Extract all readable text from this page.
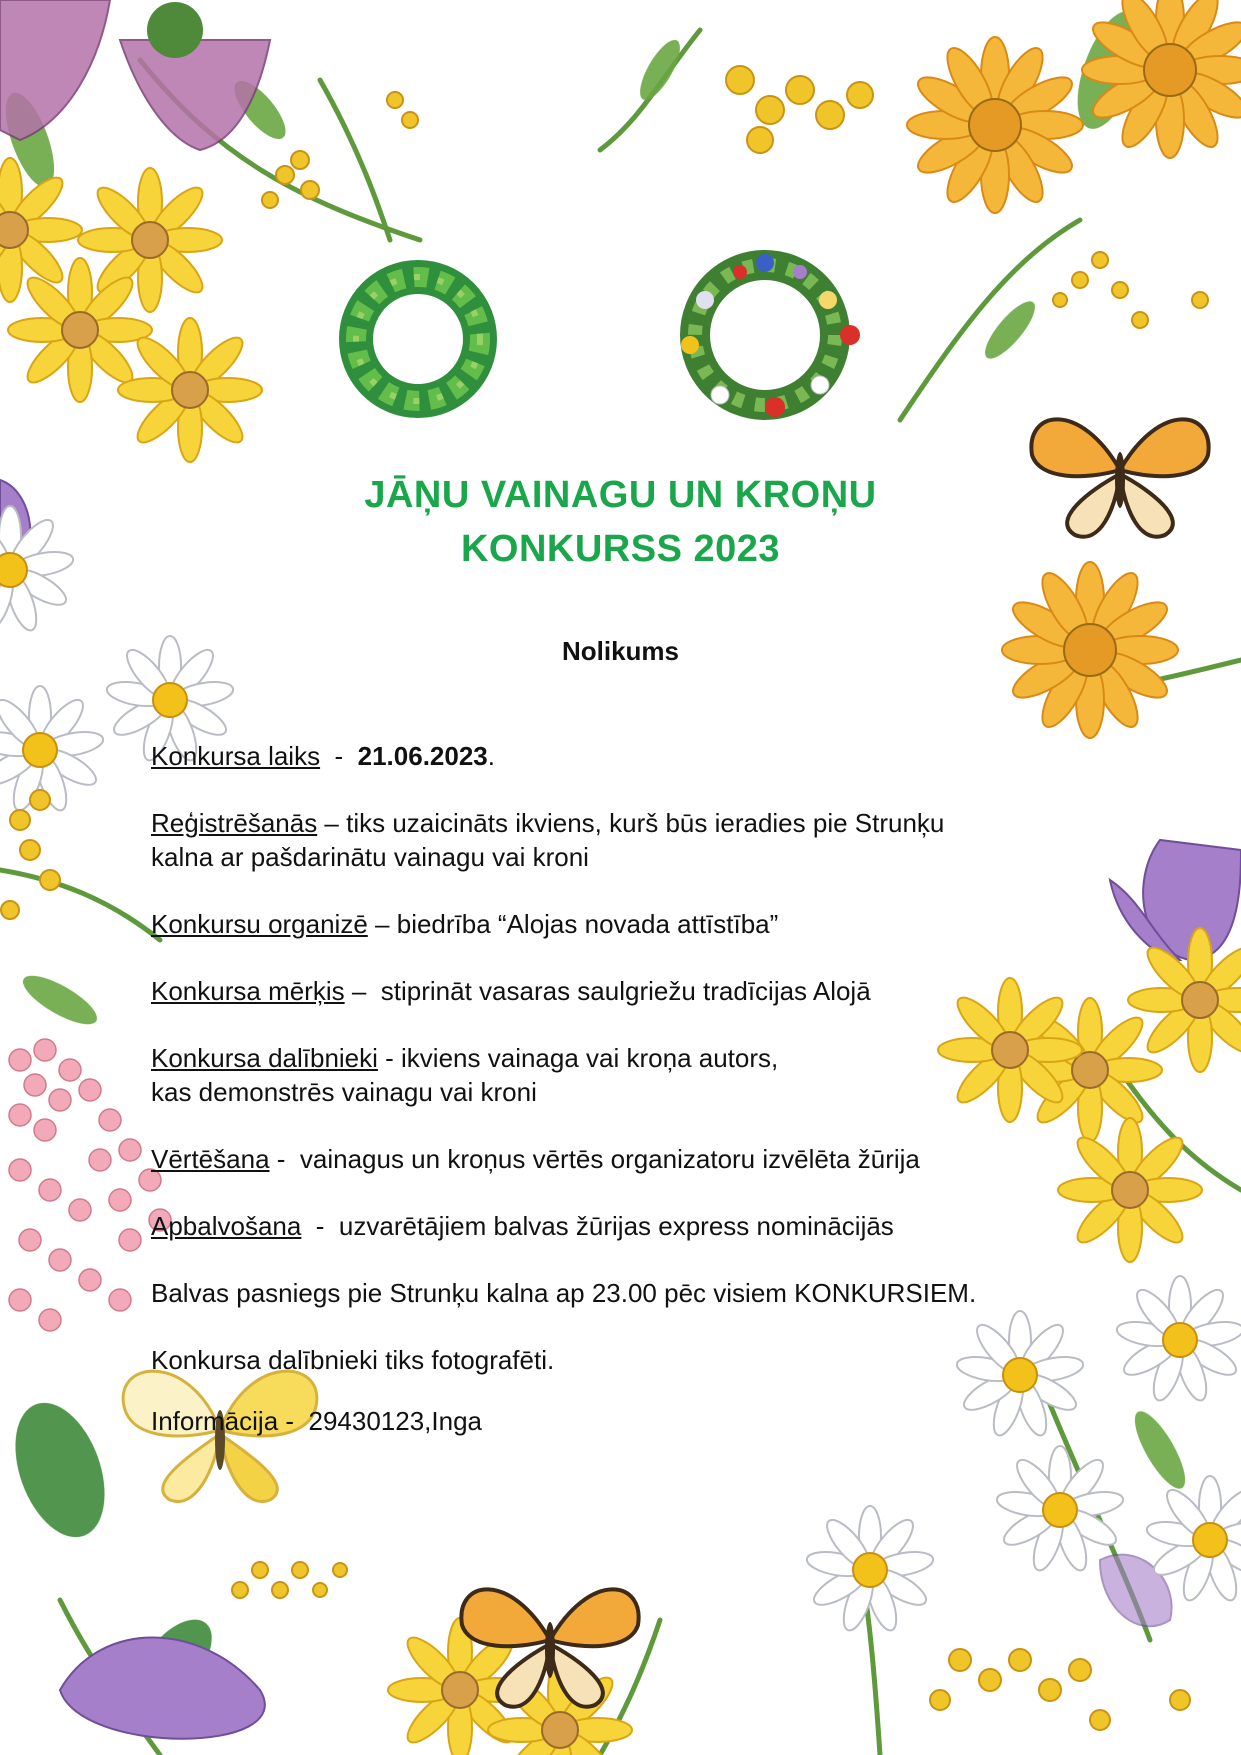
JĀŅU VAINAGU UN KROŅU
KONKURSS 2023
Nolikums
Konkursa laiks  -  21.06.2023.
Reģistrēšanās – tiks uzaicināts ikviens, kurš būs ieradies pie Strunķu
kalna ar pašdarinātu vainagu vai kroni
Konkursu organizē – biedrība “Alojas novada attīstība”
Konkursa mērķis –  stiprināt vasaras saulgriežu tradīcijas Alojā
Konkursa dalībnieki - ikviens vainaga vai kroņa autors,
kas demonstrēs vainagu vai kroni
Vērtēšana -  vainagus un kroņus vērtēs organizatoru izvēlēta žūrija
Apbalvošana  -  uzvarētājiem balvas žūrijas express nominācijās
Balvas pasniegs pie Strunķu kalna ap 23.00 pēc visiem KONKURSIEM.
Konkursa dalībnieki tiks fotografēti.
Informācija -  29430123,Inga
